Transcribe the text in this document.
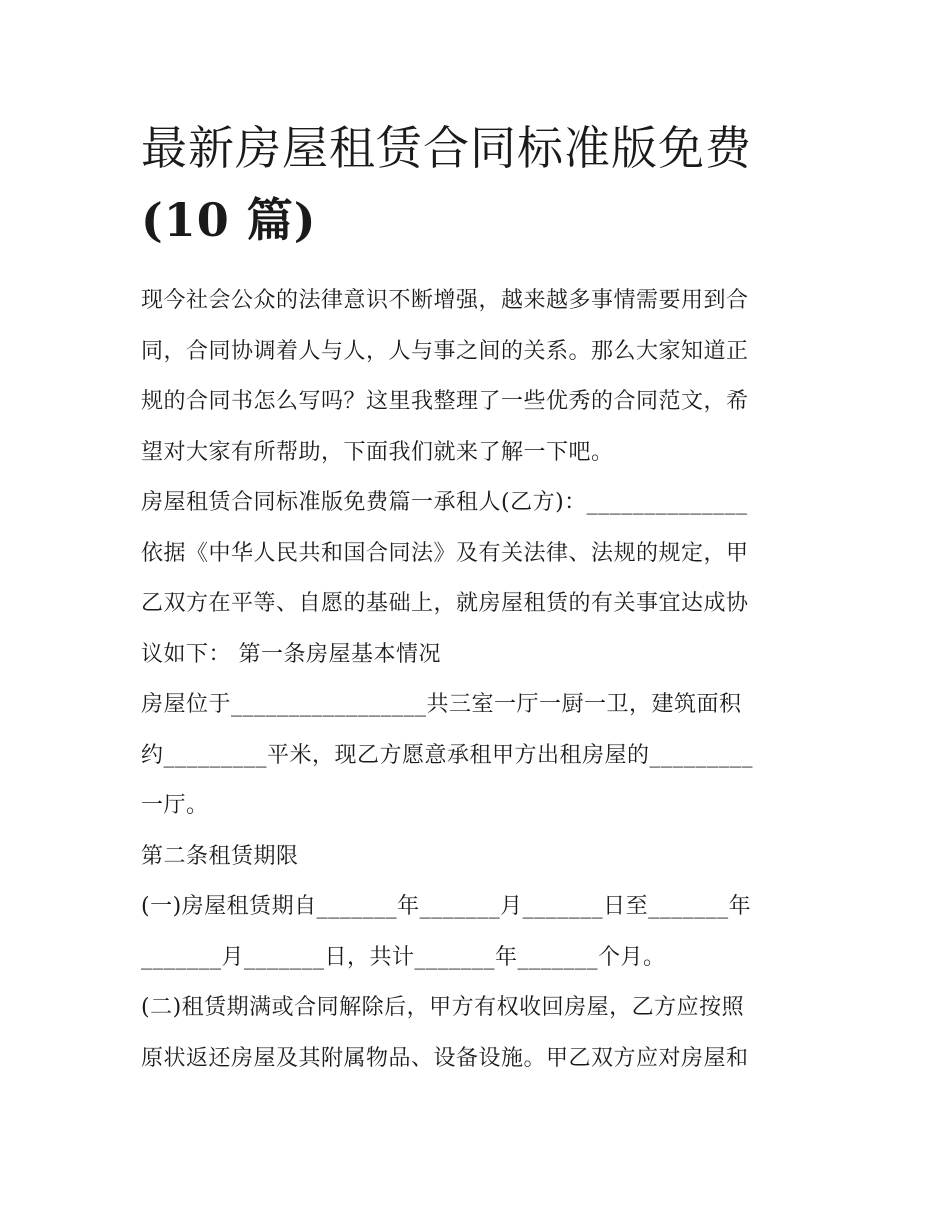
最新房屋租赁合同标准版免费
(10 篇)
现今社会公众的法律意识不断增强，越来越多事情需要用到合
同，合同协调着人与人，人与事之间的关系。那么大家知道正
规的合同书怎么写吗？这里我整理了一些优秀的合同范文，希
望对大家有所帮助，下面我们就来了解一下吧。
房屋租赁合同标准版免费篇一承租人(乙方)：______________
依据《中华人民共和国合同法》及有关法律、法规的规定，甲
乙双方在平等、自愿的基础上，就房屋租赁的有关事宜达成协
议如下： 第一条房屋基本情况
房屋位于_________________共三室一厅一厨一卫，建筑面积
约_________平米，现乙方愿意承租甲方出租房屋的_________
一厅。
第二条租赁期限
(一)房屋租赁期自_______年_______月_______日至_______年
_______月_______日，共计_______年_______个月。
(二)租赁期满或合同解除后，甲方有权收回房屋，乙方应按照
原状返还房屋及其附属物品、设备设施。甲乙双方应对房屋和
